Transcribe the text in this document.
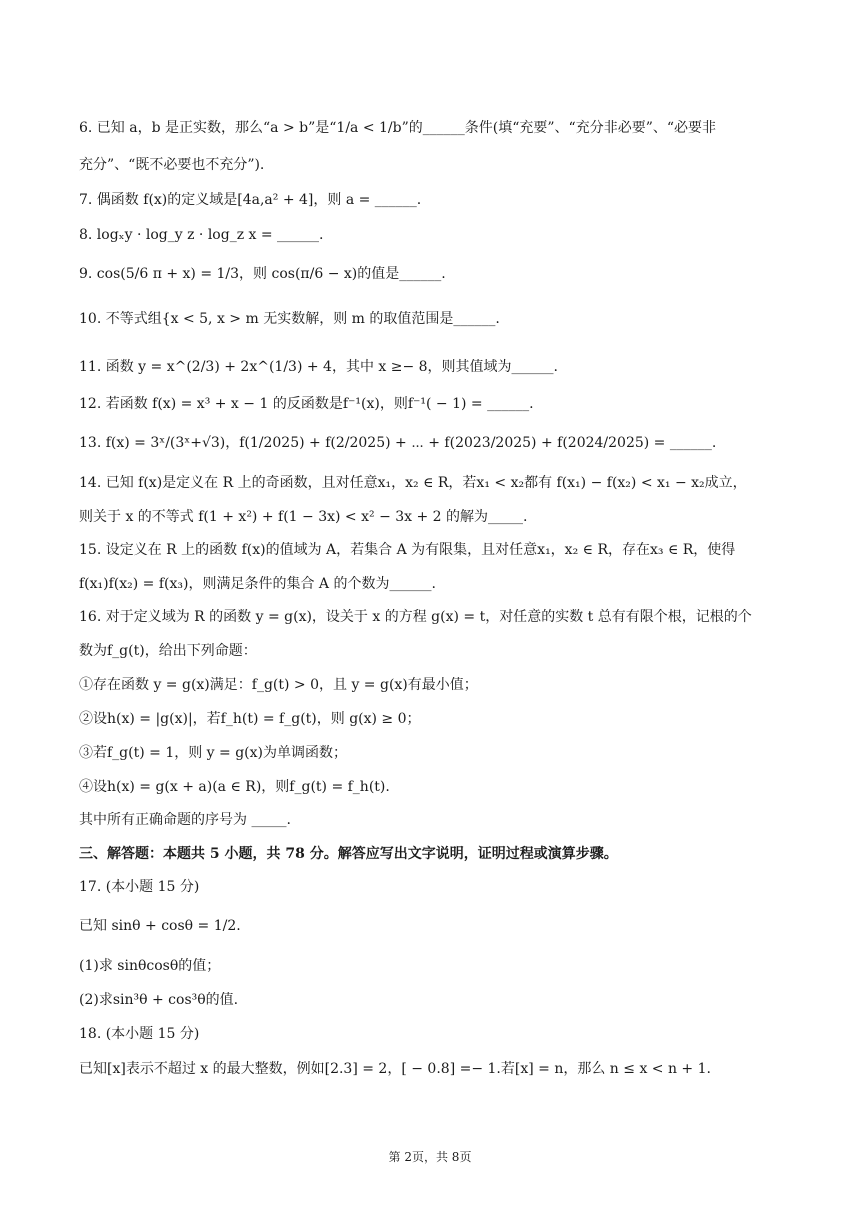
6. 已知 a，b 是正实数，那么“a > b”是“1/a < 1/b”的______条件(填“充要”、“充分非必要”、“必要非
充分”、“既不必要也不充分”).
7. 偶函数 f(x)的定义域是[4a,a² + 4]，则 a = ______.
8. logₓy · log_y z · log_z x = ______.
9. cos(5/6 π + x) = 1/3，则 cos(π/6 − x)的值是______.
10. 不等式组{x < 5, x > m 无实数解，则 m 的取值范围是______.
11. 函数 y = x^(2/3) + 2x^(1/3) + 4，其中 x ≥− 8，则其值域为______.
12. 若函数 f(x) = x³ + x − 1 的反函数是f⁻¹(x)，则f⁻¹( − 1) = ______.
13. f(x) = 3ˣ/(3ˣ+√3)，f(1/2025) + f(2/2025) + ⋯ + f(2023/2025) + f(2024/2025) = ______.
14. 已知 f(x)是定义在 R 上的奇函数，且对任意x₁，x₂ ∈ R，若x₁ < x₂都有 f(x₁) − f(x₂) < x₁ − x₂成立，
则关于 x 的不等式 f(1 + x²) + f(1 − 3x) < x² − 3x + 2 的解为_____.
15. 设定义在 R 上的函数 f(x)的值域为 A，若集合 A 为有限集，且对任意x₁，x₂ ∈ R，存在x₃ ∈ R，使得
f(x₁)f(x₂) = f(x₃)，则满足条件的集合 A 的个数为______.
16. 对于定义域为 R 的函数 y = g(x)，设关于 x 的方程 g(x) = t，对任意的实数 t 总有有限个根，记根的个
数为f_g(t)，给出下列命题：
①存在函数 y = g(x)满足：f_g(t) > 0，且 y = g(x)有最小值；
②设h(x) = |g(x)|，若f_h(t) = f_g(t)，则 g(x) ≥ 0；
③若f_g(t) = 1，则 y = g(x)为单调函数；
④设h(x) = g(x + a)(a ∈ R)，则f_g(t) = f_h(t).
其中所有正确命题的序号为 _____.
三、解答题：本题共 5 小题，共 78 分。解答应写出文字说明，证明过程或演算步骤。
17. (本小题 15 分)
已知 sinθ + cosθ = 1/2.
(1)求 sinθcosθ的值；
(2)求sin³θ + cos³θ的值.
18. (本小题 15 分)
已知[x]表示不超过 x 的最大整数，例如[2.3] = 2，[ − 0.8] =− 1.若[x] = n，那么 n ≤ x < n + 1.
第 2页，共 8页
